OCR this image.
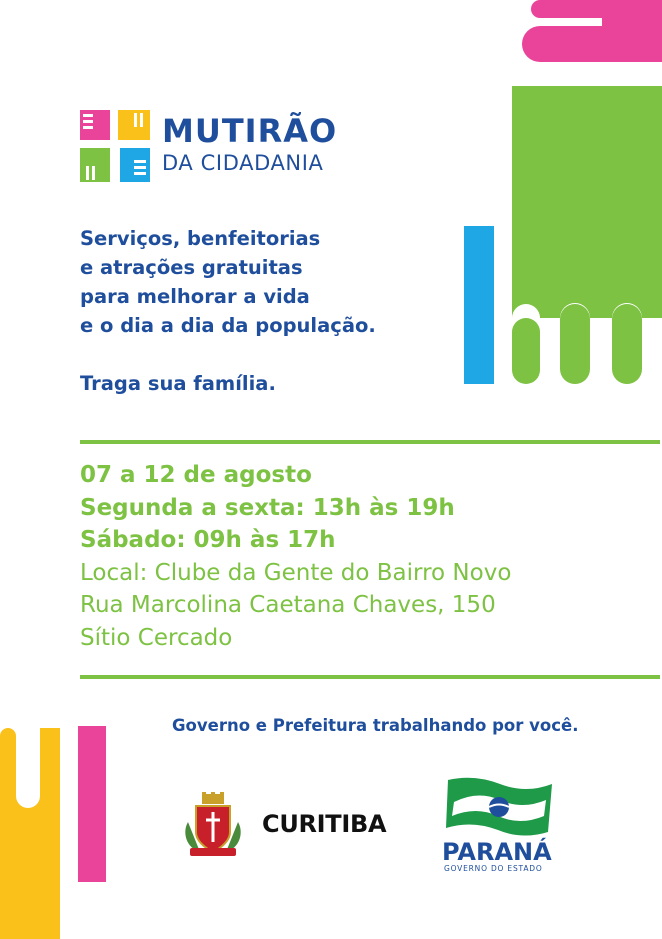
MUTIRÃO
DA CIDADANIA
Serviços, benfeitorias
e atrações gratuitas
para melhorar a vida
e o dia a dia da população.
Traga sua família.
07 a 12 de agosto
Segunda a sexta: 13h às 19h
Sábado: 09h às 17h
Local: Clube da Gente do Bairro Novo
Rua Marcolina Caetana Chaves, 150
Sítio Cercado
Governo e Prefeitura trabalhando por você.
CURITIBA
PARANÁ
GOVERNO DO ESTADO
